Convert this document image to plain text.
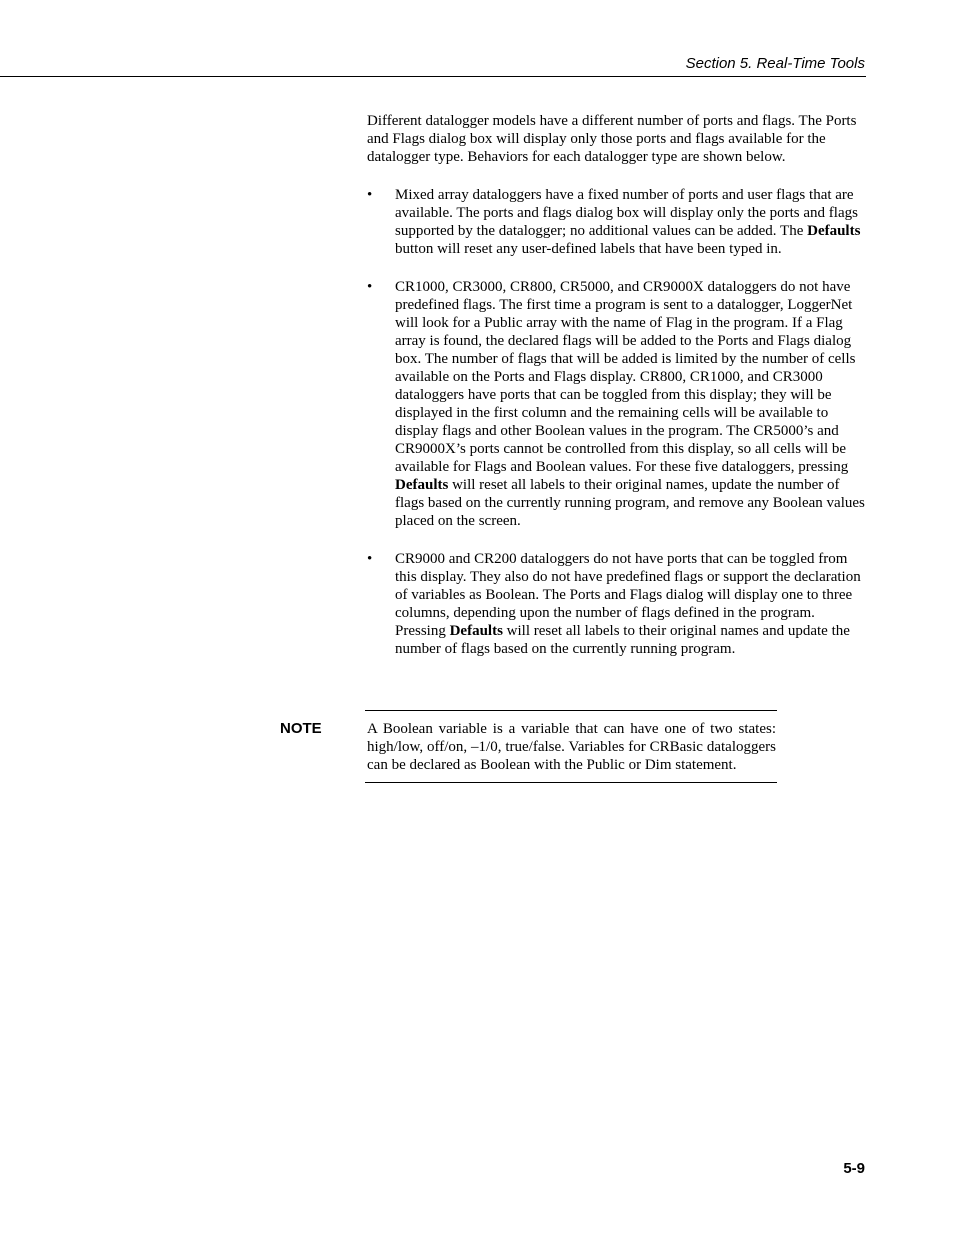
Section 5. Real-Time Tools

Different datalogger models have a different number of ports and flags. The Ports and Flags dialog box will display only those ports and flags available for the datalogger type. Behaviors for each datalogger type are shown below.

• Mixed array dataloggers have a fixed number of ports and user flags that are available. The ports and flags dialog box will display only the ports and flags supported by the datalogger; no additional values can be added. The Defaults button will reset any user-defined labels that have been typed in.
• CR1000, CR3000, CR800, CR5000, and CR9000X dataloggers do not have predefined flags. The first time a program is sent to a datalogger, LoggerNet will look for a Public array with the name of Flag in the program. If a Flag array is found, the declared flags will be added to the Ports and Flags dialog box. The number of flags that will be added is limited by the number of cells available on the Ports and Flags display. CR800, CR1000, and CR3000 dataloggers have ports that can be toggled from this display; they will be displayed in the first column and the remaining cells will be available to display flags and other Boolean values in the program. The CR5000’s and CR9000X’s ports cannot be controlled from this display, so all cells will be available for Flags and Boolean values. For these five dataloggers, pressing Defaults will reset all labels to their original names, update the number of flags based on the currently running program, and remove any Boolean values placed on the screen.
• CR9000 and CR200 dataloggers do not have ports that can be toggled from this display. They also do not have predefined flags or support the declaration of variables as Boolean. The Ports and Flags dialog will display one to three columns, depending upon the number of flags defined in the program. Pressing Defaults will reset all labels to their original names and update the number of flags based on the currently running program.
NOTE	A Boolean variable is a variable that can have one of two states: high/low, off/on, –1/0, true/false. Variables for CRBasic dataloggers can be declared as Boolean with the Public or Dim statement.
5-9
